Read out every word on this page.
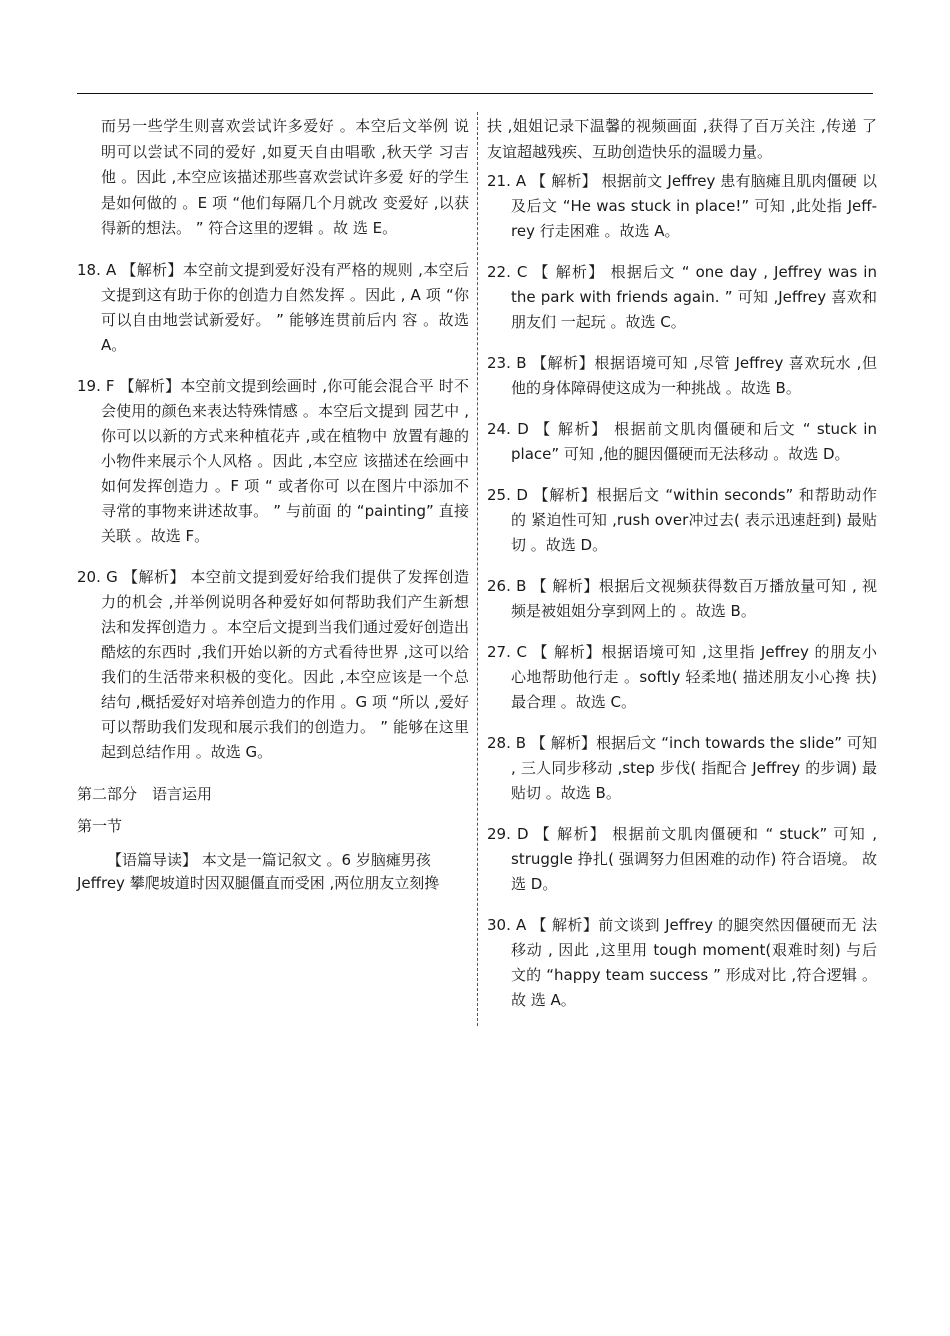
而另一些学生则喜欢尝试许多爱好 。本空后文举例 说明可以尝试不同的爱好 ,如夏天自由唱歌 ,秋天学 习吉他 。因此 ,本空应该描述那些喜欢尝试许多爱 好的学生是如何做的 。E 项 “他们每隔几个月就改 变爱好 ,以获得新的想法。 ” 符合这里的逻辑 。故 选 E。

18. A 【解析】本空前文提到爱好没有严格的规则 ,本空后文提到这有助于你的创造力自然发挥 。因此 , A 项 “你可以自由地尝试新爱好。 ” 能够连贯前后内 容 。故选 A。
19. F 【解析】本空前文提到绘画时 ,你可能会混合平 时不会使用的颜色来表达特殊情感 。本空后文提到 园艺中 ,你可以以新的方式来种植花卉 ,或在植物中 放置有趣的小物件来展示个人风格 。因此 ,本空应 该描述在绘画中如何发挥创造力 。F 项 “ 或者你可 以在图片中添加不寻常的事物来讲述故事。 ” 与前面 的 “painting” 直接关联 。故选 F。
20. G 【解析】 本空前文提到爱好给我们提供了发挥创造力的机会 ,并举例说明各种爱好如何帮助我们产生新想法和发挥创造力 。本空后文提到当我们通过爱好创造出酷炫的东西时 ,我们开始以新的方式看待世界 ,这可以给我们的生活带来积极的变化。因此 ,本空应该是一个总结句 ,概括爱好对培养创造力的作用 。G 项 “所以 ,爱好可以帮助我们发现和展示我们的创造力。 ” 能够在这里起到总结作用 。故选 G。
第二部分　语言运用
第一节

【语篇导读】 本文是一篇记叙文 。6 岁脑瘫男孩 Jeffrey 攀爬坡道时因双腿僵直而受困 ,两位朋友立刻搀

扶 ,姐姐记录下温馨的视频画面 ,获得了百万关注 ,传递 了友谊超越残疾、互助创造快乐的温暖力量。

21. A 【 解析】 根据前文 Jeffrey 患有脑瘫且肌肉僵硬 以及后文 “He was stuck in place!” 可知 ,此处指 Jeff- rey 行走困难 。故选 A。
22. C 【 解析】 根据后文 “ one day , Jeffrey was in the park with friends again. ” 可知 ,Jeffrey 喜欢和朋友们 一起玩 。故选 C。
23. B 【解析】根据语境可知 ,尽管 Jeffrey 喜欢玩水 ,但 他的身体障碍使这成为一种挑战 。故选 B。
24. D 【 解析】 根据前文肌肉僵硬和后文 “ stuck in place” 可知 ,他的腿因僵硬而无法移动 。故选 D。
25. D 【解析】根据后文 “within seconds” 和帮助动作的 紧迫性可知 ,rush over冲过去( 表示迅速赶到) 最贴 切 。故选 D。
26. B 【 解析】根据后文视频获得数百万播放量可知 , 视频是被姐姐分享到网上的 。故选 B。
27. C 【 解析】根据语境可知 ,这里指 Jeffrey 的朋友小 心地帮助他行走 。softly 轻柔地( 描述朋友小心搀 扶)最合理 。故选 C。
28. B 【 解析】根据后文 “inch towards the slide” 可知 , 三人同步移动 ,step 步伐( 指配合 Jeffrey 的步调) 最 贴切 。故选 B。
29. D 【 解析】 根据前文肌肉僵硬和 “ stuck” 可知 , struggle 挣扎( 强调努力但困难的动作) 符合语境。 故选 D。
30. A 【 解析】前文谈到 Jeffrey 的腿突然因僵硬而无 法移动 , 因此 ,这里用 tough moment(艰难时刻) 与后 文的 “happy team success ” 形成对比 ,符合逻辑 。故 选 A。
